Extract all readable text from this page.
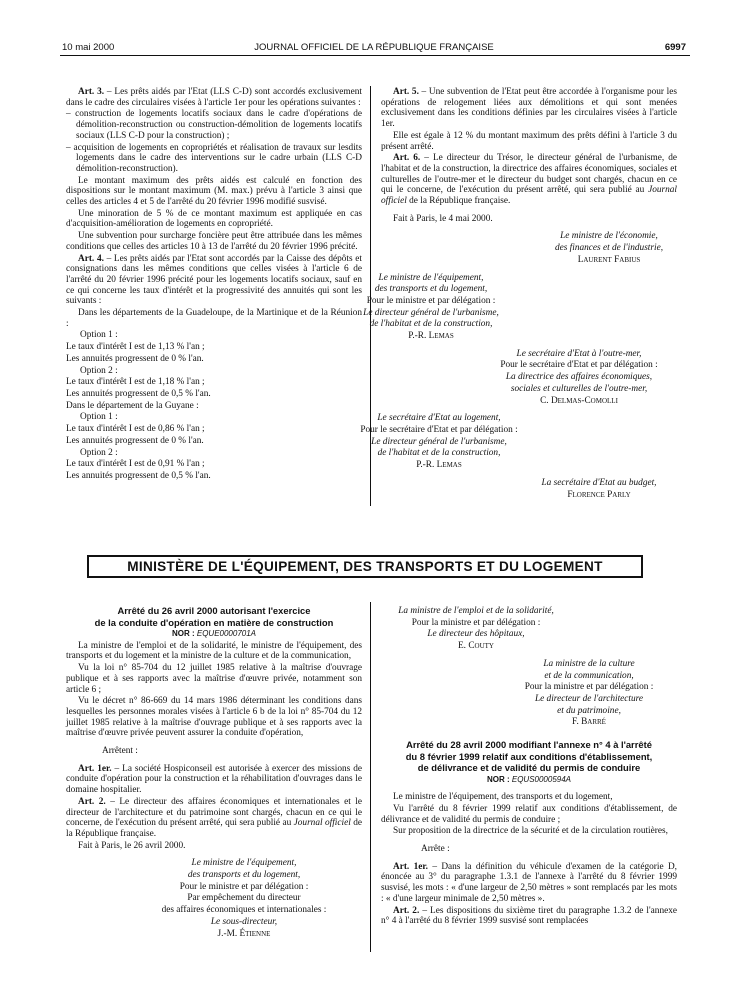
10 mai 2000	JOURNAL OFFICIEL DE LA RÉPUBLIQUE FRANÇAISE	6997

Art. 3. – Les prêts aidés par l'Etat (LLS C-D) sont accordés exclusivement dans le cadre des circulaires visées à l'article 1er pour les opérations suivantes :

– construction de logements locatifs sociaux dans le cadre d'opérations de démolition-reconstruction ou construction-démolition de logements locatifs sociaux (LLS C-D pour la construction) ;

– acquisition de logements en copropriétés et réalisation de travaux sur lesdits logements dans le cadre des interventions sur le cadre urbain (LLS C-D démolition-reconstruction).

Le montant maximum des prêts aidés est calculé en fonction des dispositions sur le montant maximum (M. max.) prévu à l'article 3 ainsi que celles des articles 4 et 5 de l'arrêté du 20 février 1996 modifié susvisé.

Une minoration de 5 % de ce montant maximum est appliquée en cas d'acquisition-amélioration de logements en copropriété.

Une subvention pour surcharge foncière peut être attribuée dans les mêmes conditions que celles des articles 10 à 13 de l'arrêté du 20 février 1996 précité.

Art. 4. – Les prêts aidés par l'Etat sont accordés par la Caisse des dépôts et consignations dans les mêmes conditions que celles visées à l'article 6 de l'arrêté du 20 février 1996 précité pour les logements locatifs sociaux, sauf en ce qui concerne les taux d'intérêt et la progressivité des annuités qui sont les suivants :

Dans les départements de la Guadeloupe, de la Martinique et de la Réunion :

Option 1 :

Le taux d'intérêt I est de 1,13 % l'an ;

Les annuités progressent de 0 % l'an.

Option 2 :

Le taux d'intérêt I est de 1,18 % l'an ;

Les annuités progressent de 0,5 % l'an.

Dans le département de la Guyane :

Option 1 :

Le taux d'intérêt I est de 0,86 % l'an ;

Les annuités progressent de 0 % l'an.

Option 2 :

Le taux d'intérêt I est de 0,91 % l'an ;

Les annuités progressent de 0,5 % l'an.

Art. 5. – Une subvention de l'Etat peut être accordée à l'organisme pour les opérations de relogement liées aux démolitions et qui sont menées exclusivement dans les conditions définies par les circulaires visées à l'article 1er.

Elle est égale à 12 % du montant maximum des prêts défini à l'article 3 du présent arrêté.

Art. 6. – Le directeur du Trésor, le directeur général de l'urbanisme, de l'habitat et de la construction, la directrice des affaires économiques, sociales et culturelles de l'outre-mer et le directeur du budget sont chargés, chacun en ce qui le concerne, de l'exécution du présent arrêté, qui sera publié au Journal officiel de la République française.

Fait à Paris, le 4 mai 2000.

Le ministre de l'économie,

des finances et de l'industrie,

Laurent Fabius

Le ministre de l'équipement,

des transports et du logement,

Pour le ministre et par délégation :

Le directeur général de l'urbanisme,

de l'habitat et de la construction,

P.-R. Lemas

Le secrétaire d'Etat à l'outre-mer,

Pour le secrétaire d'Etat et par délégation :

La directrice des affaires économiques,

sociales et culturelles de l'outre-mer,

C. Delmas-Comolli

Le secrétaire d'Etat au logement,

Pour le secrétaire d'Etat et par délégation :

Le directeur général de l'urbanisme,

de l'habitat et de la construction,

P.-R. Lemas

La secrétaire d'Etat au budget,

Florence Parly

MINISTÈRE DE L'ÉQUIPEMENT, DES TRANSPORTS ET DU LOGEMENT

Arrêté du 26 avril 2000 autorisant l'exercice

de la conduite d'opération en matière de construction

NOR : EQUE0000701A

La ministre de l'emploi et de la solidarité, le ministre de l'équipement, des transports et du logement et la ministre de la culture et de la communication,

Vu la loi n° 85-704 du 12 juillet 1985 relative à la maîtrise d'ouvrage publique et à ses rapports avec la maîtrise d'œuvre privée, notamment son article 6 ;

Vu le décret n° 86-669 du 14 mars 1986 déterminant les conditions dans lesquelles les personnes morales visées à l'article 6 b de la loi n° 85-704 du 12 juillet 1985 relative à la maîtrise d'ouvrage publique et à ses rapports avec la maîtrise d'œuvre privée peuvent assurer la conduite d'opération,

Arrêtent :

Art. 1er. – La société Hospiconseil est autorisée à exercer des missions de conduite d'opération pour la construction et la réhabilitation d'ouvrages dans le domaine hospitalier.

Art. 2. – Le directeur des affaires économiques et internationales et le directeur de l'architecture et du patrimoine sont chargés, chacun en ce qui le concerne, de l'exécution du présent arrêté, qui sera publié au Journal officiel de la République française.

Fait à Paris, le 26 avril 2000.

Le ministre de l'équipement,

des transports et du logement,

Pour le ministre et par délégation :

Par empêchement du directeur

des affaires économiques et internationales :

Le sous-directeur,

J.-M. Étienne

La ministre de l'emploi et de la solidarité,

Pour la ministre et par délégation :

Le directeur des hôpitaux,

E. Couty

La ministre de la culture

et de la communication,

Pour la ministre et par délégation :

Le directeur de l'architecture

et du patrimoine,

F. Barré

Arrêté du 28 avril 2000 modifiant l'annexe n° 4 à l'arrêté

du 8 février 1999 relatif aux conditions d'établissement,

de délivrance et de validité du permis de conduire

NOR : EQUS0000594A

Le ministre de l'équipement, des transports et du logement,

Vu l'arrêté du 8 février 1999 relatif aux conditions d'établissement, de délivrance et de validité du permis de conduire ;

Sur proposition de la directrice de la sécurité et de la circulation routières,

Arrête :

Art. 1er. – Dans la définition du véhicule d'examen de la catégorie D, énoncée au 3° du paragraphe 1.3.1 de l'annexe à l'arrêté du 8 février 1999 susvisé, les mots : « d'une largeur de 2,50 mètres » sont remplacés par les mots : « d'une largeur minimale de 2,50 mètres ».

Art. 2. – Les dispositions du sixième tiret du paragraphe 1.3.2 de l'annexe n° 4 à l'arrêté du 8 février 1999 susvisé sont remplacées
